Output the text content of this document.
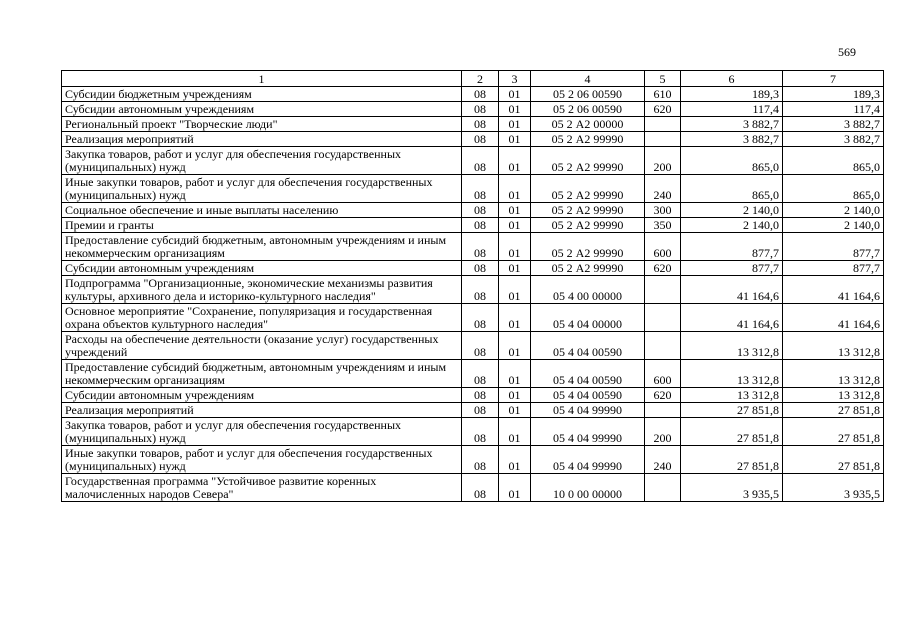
569
1	2	3	4	5	6	7
Субсидии бюджетным учреждениям	08	01	05 2 06 00590	610	189,3	189,3
Субсидии автономным учреждениям	08	01	05 2 06 00590	620	117,4	117,4
Региональный проект "Творческие люди"	08	01	05 2 А2 00000		3 882,7	3 882,7
Реализация мероприятий	08	01	05 2 А2 99990		3 882,7	3 882,7
Закупка товаров, работ и услуг для обеспечения государственных (муниципальных) нужд	08	01	05 2 А2 99990	200	865,0	865,0
Иные закупки товаров, работ и услуг для обеспечения государственных (муниципальных) нужд	08	01	05 2 А2 99990	240	865,0	865,0
Социальное обеспечение и иные выплаты населению	08	01	05 2 А2 99990	300	2 140,0	2 140,0
Премии и гранты	08	01	05 2 А2 99990	350	2 140,0	2 140,0
Предоставление субсидий бюджетным, автономным учреждениям и иным некоммерческим организациям	08	01	05 2 А2 99990	600	877,7	877,7
Субсидии автономным учреждениям	08	01	05 2 А2 99990	620	877,7	877,7
Подпрограмма "Организационные, экономические механизмы развития культуры, архивного дела и историко-культурного наследия"	08	01	05 4 00 00000		41 164,6	41 164,6
Основное мероприятие "Сохранение, популяризация и государственная охрана объектов культурного наследия"	08	01	05 4 04 00000		41 164,6	41 164,6
Расходы на обеспечение деятельности (оказание услуг) государственных учреждений	08	01	05 4 04 00590		13 312,8	13 312,8
Предоставление субсидий бюджетным, автономным учреждениям и иным некоммерческим организациям	08	01	05 4 04 00590	600	13 312,8	13 312,8
Субсидии автономным учреждениям	08	01	05 4 04 00590	620	13 312,8	13 312,8
Реализация мероприятий	08	01	05 4 04 99990		27 851,8	27 851,8
Закупка товаров, работ и услуг для обеспечения государственных (муниципальных) нужд	08	01	05 4 04 99990	200	27 851,8	27 851,8
Иные закупки товаров, работ и услуг для обеспечения государственных (муниципальных) нужд	08	01	05 4 04 99990	240	27 851,8	27 851,8
Государственная программа "Устойчивое развитие коренных малочисленных народов Севера"	08	01	10 0 00 00000		3 935,5	3 935,5
